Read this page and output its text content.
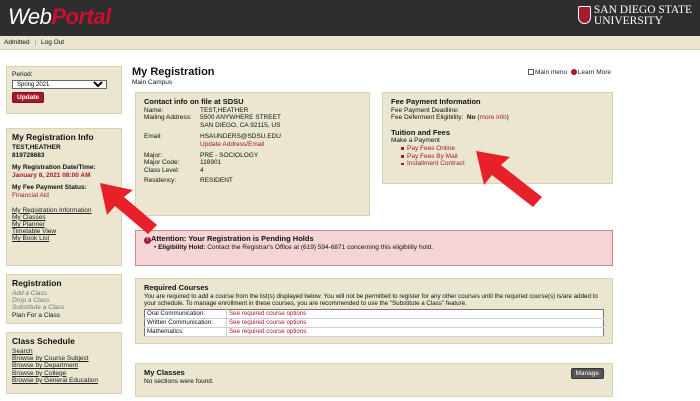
WebPortal	SAN DIEGO STATE
UNIVERSITY
Admitted | Log Out
Period:
Spring 2021
Update
My Registration Info
TEST,HEATHER
819728683
My Registration Date/Time:
January 8, 2021 08:00 AM
My Fee Payment Status:
Financial Aid
My Registration Information
My Classes
My Planner
Timetable View
My Book List
Registration
Add a Class
Drop a Class
Substitute a Class
Plan For a Class
Class Schedule
Search
Browse by Course Subject
Browse by Department
Browse by College
Browse by General Education
My Registration
Main Campus
Main menu Learn More
Contact info on file at SDSU
Name:	TEST,HEATHER
Mailing Address:	5500 ANYWHERE STREET
SAN DIEGO, CA 92115, US
Email:	HSAUNDERS@SDSU.EDU
Update Address/Email
Major:	PRE - SOCIOLOGY
Major Code:	116901
Class Level:	4
Residency:	RESIDENT
Fee Payment Information
Fee Payment Deadline:
Fee Deferment Eligibility: No (more info)
Tuition and Fees
Make a Payment
Pay Fees Online
Pay Fees By Mail
Installment Contract
! Attention: Your Registration is Pending Holds
• Eligibility Hold: Contact the Registrar's Office at (619) 594-6871 concerning this eligibility hold.
Required Courses
You are required to add a course from the list(s) displayed below. You will not be permitted to register for any other courses until the required course(s) is/are added to your schedule. To manage enrollment in these courses, you are recommended to use the "Substitute a Class" feature.
Oral Communication:	See required course options
Written Communication:	See required course options
Mathematics:	See required course options
My Classes
No sections were found.
Manage
